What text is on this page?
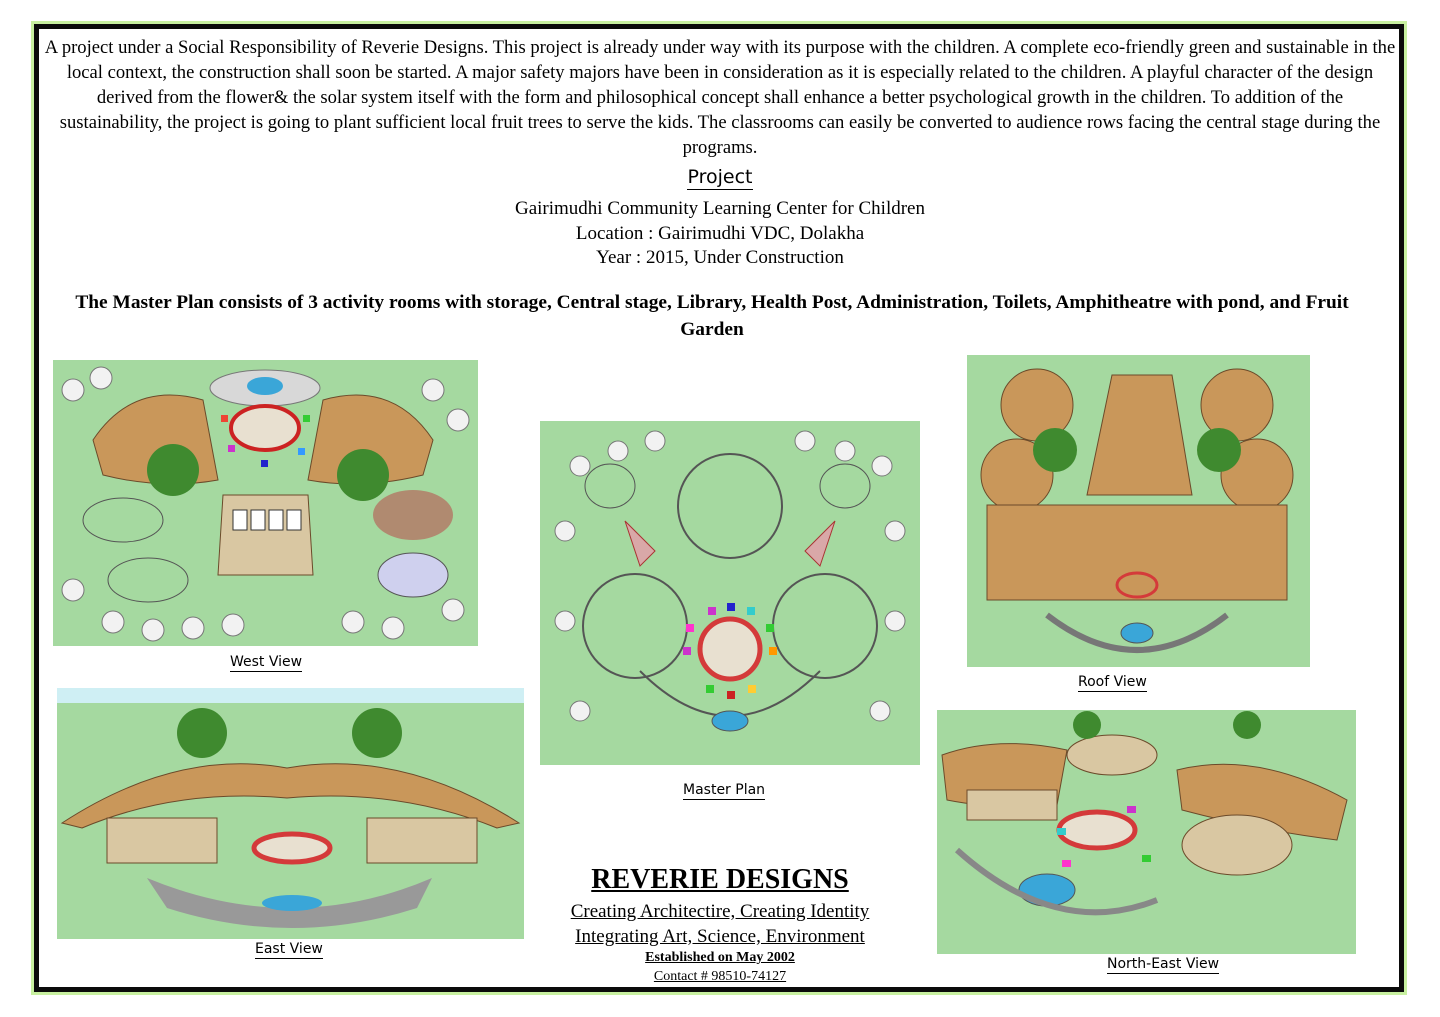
A project under a Social Responsibility of Reverie Designs. This project is already under way with its purpose with the children. A complete eco-friendly green and sustainable in the local context, the construction shall soon be started. A major safety majors have been in consideration as it is especially related to the children. A playful character of the design derived from the flower& the solar system itself with the form and philosophical concept shall enhance a better psychological growth in the children. To addition of the sustainability, the project is going to plant sufficient local fruit trees to serve the kids. The classrooms can easily be converted to audience rows facing the central stage during the programs.

Project
Gairimudhi Community Learning Center for Children
Location : Gairimudhi VDC, Dolakha
Year : 2015, Under Construction

The Master Plan consists of 3 activity rooms with storage, Central stage, Library, Health Post, Administration, Toilets, Amphitheatre with pond, and Fruit Garden

West View
Master Plan
Roof View
East View
North-East View
REVERIE DESIGNS
Creating Architectire, Creating Identity
Integrating Art, Science, Environment
Established on May 2002
Contact # 98510-74127
